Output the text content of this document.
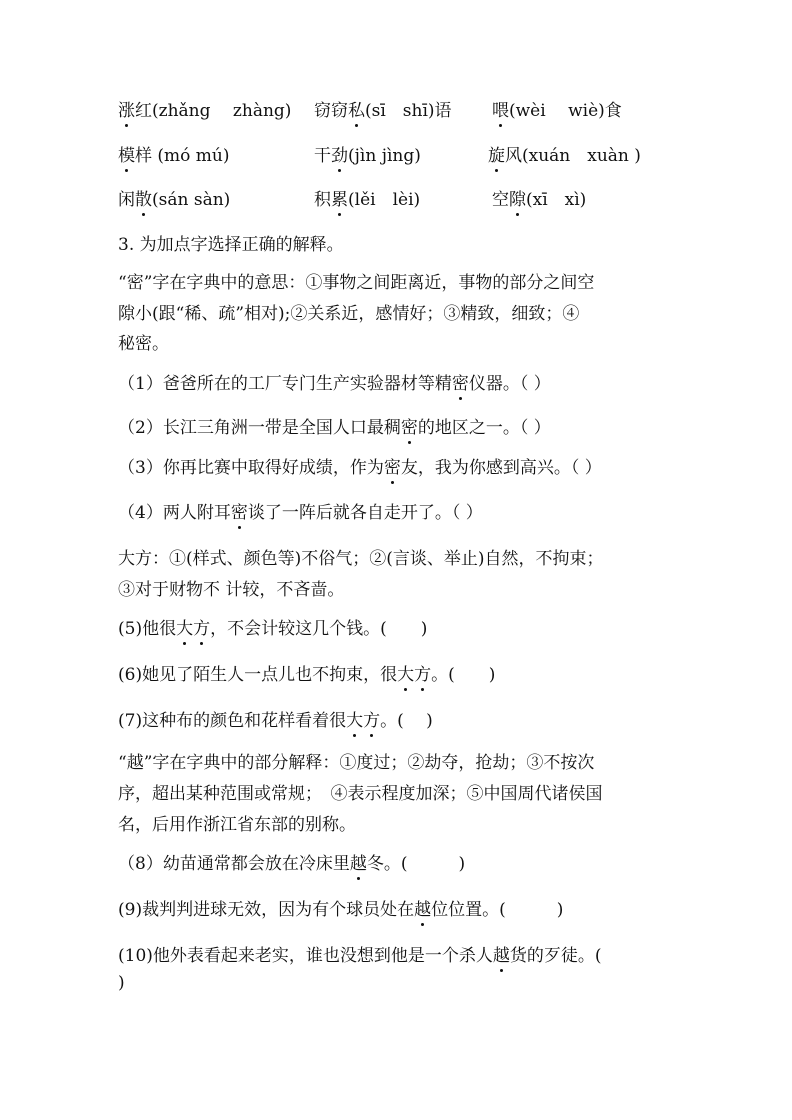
涨红(zhǎng　 zhàng) 窃窃私(sī　shī)语 喂(wèi　 wiè)食
模样 (mó mú)	干劲(jìn jìng)	旋风(xuán　xuàn )
闲散(sán sàn)	积累(lěi　lèi)	空隙(xī　xì)
3. 为加点字选择正确的解释。
“密”字在字典中的意思：①事物之间距离近，事物的部分之间空
隙小(跟“稀、疏”相对);②关系近，感情好；③精致，细致；④
秘密。
（1）爸爸所在的工厂专门生产实验器材等精密仪器。（ ）
（2）长江三角洲一带是全国人口最稠密的地区之一。（ ）
（3）你再比赛中取得好成绩，作为密友，我为你感到高兴。（ ）
（4）两人附耳密谈了一阵后就各自走开了。（ ）
大方：①(样式、颜色等)不俗气；②(言谈、举止)自然，不拘束；
③对于财物不 计较，不吝啬。
(5)他很大方，不会计较这几个钱。(　　)
(6)她见了陌生人一点儿也不拘束，很大方。(　　)
(7)这种布的颜色和花样看着很大方。(　 )
“越”字在字典中的部分解释：①度过；②劫夺，抢劫；③不按次
序，超出某种范围或常规；　④表示程度加深；⑤中国周代诸侯国
名，后用作浙江省东部的别称。
（8）幼苗通常都会放在冷床里越冬。(　　　)
(9)裁判判进球无效，因为有个球员处在越位位置。(　　　)
(10)他外表看起来老实，谁也没想到他是一个杀人越货的歹徒。(
)
